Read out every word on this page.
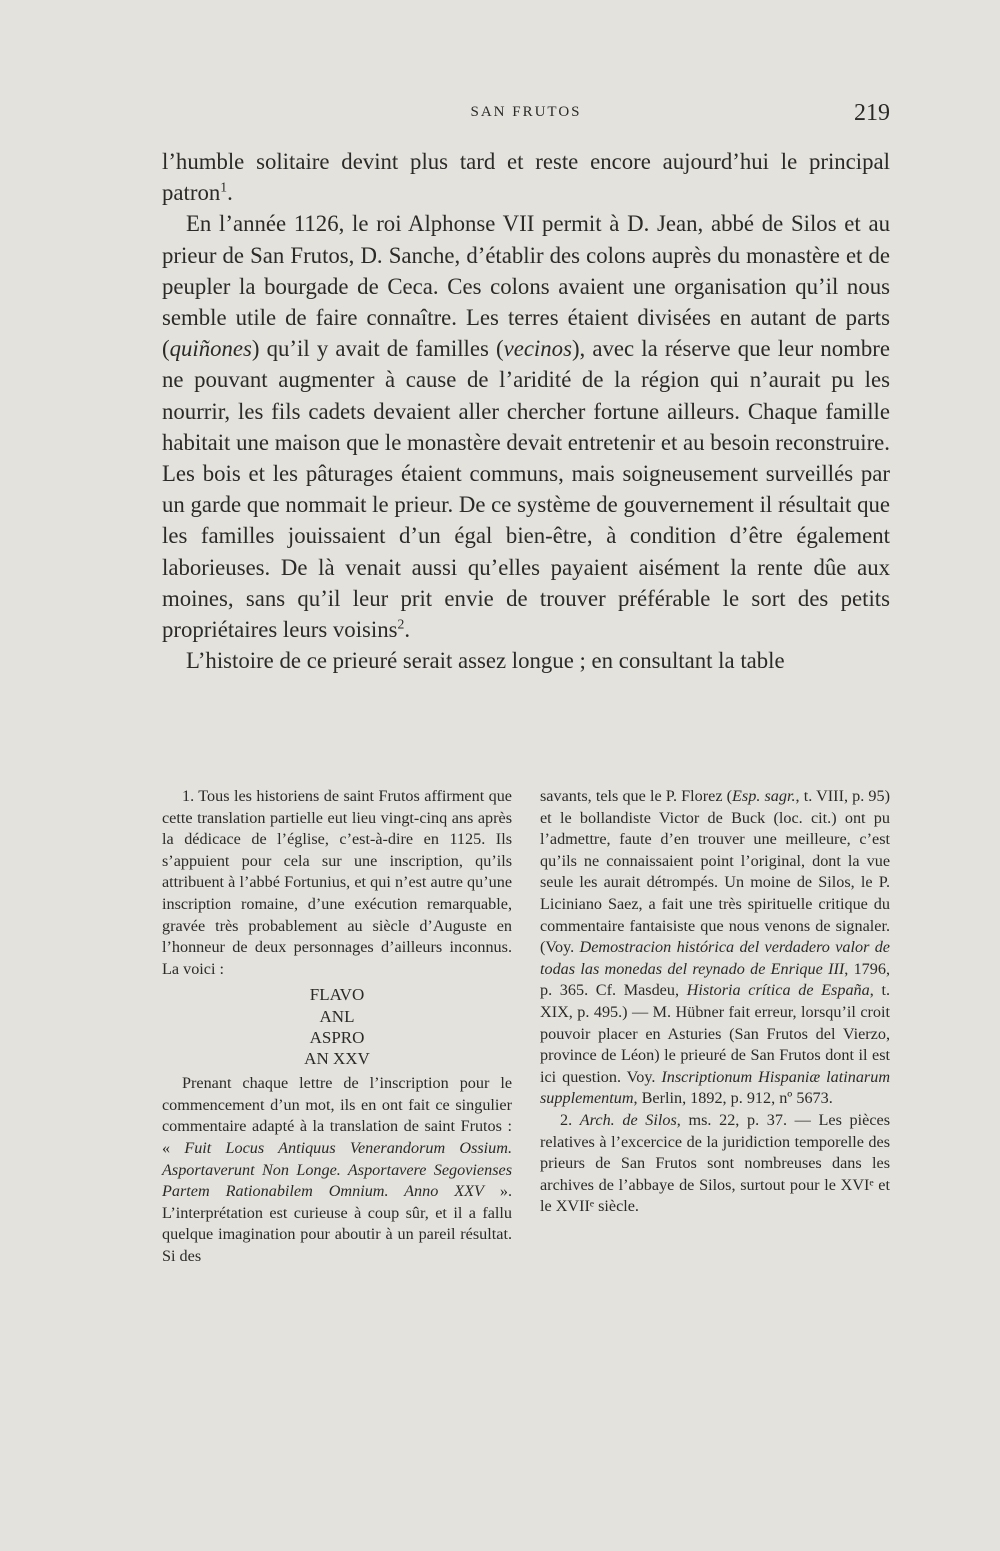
SAN FRUTOS	219

l’humble solitaire devint plus tard et reste encore aujourd’hui le principal patron$^1$.

En l’année 1126, le roi Alphonse VII permit à D. Jean, abbé de Silos et au prieur de San Frutos, D. Sanche, d’établir des colons auprès du monastère et de peupler la bourgade de Ceca. Ces colons avaient une organisation qu’il nous semble utile de faire connaître. Les terres étaient divisées en autant de parts (quiñones) qu’il y avait de familles (vecinos), avec la réserve que leur nombre ne pouvant augmenter à cause de l’aridité de la région qui n’aurait pu les nourrir, les fils cadets devaient aller chercher fortune ailleurs. Chaque famille habitait une maison que le monastère devait entretenir et au besoin reconstruire. Les bois et les pâturages étaient communs, mais soigneusement surveillés par un garde que nommait le prieur. De ce système de gouvernement il résultait que les familles jouissaient d’un égal bien-être, à condition d’être également laborieuses. De là venait aussi qu’elles payaient aisément la rente dûe aux moines, sans qu’il leur prit envie de trouver préférable le sort des petits propriétaires leurs voisins$^2$.

L’histoire de ce prieuré serait assez longue ; en consultant la table

1. Tous les historiens de saint Frutos affirment que cette translation partielle eut lieu vingt-cinq ans après la dédicace de l’église, c’est-à-dire en 1125. Ils s’appuient pour cela sur une inscription, qu’ils attribuent à l’abbé Fortunius, et qui n’est autre qu’une inscription romaine, d’une exécution remarquable, gravée très probablement au siècle d’Auguste en l’honneur de deux personnages d’ailleurs inconnus. La voici :

FLAVO
ANL
ASPRO
AN XXV

Prenant chaque lettre de l’inscription pour le commencement d’un mot, ils en ont fait ce singulier commentaire adapté à la translation de saint Frutos : « Fuit Locus Antiquus Venerandorum Ossium. Asportaverunt Non Longe. Asportavere Segovienses Partem Rationabilem Omnium. Anno XXV ». L’interprétation est curieuse à coup sûr, et il a fallu quelque imagination pour aboutir à un pareil résultat. Si des

savants, tels que le P. Florez (Esp. sagr., t. VIII, p. 95) et le bollandiste Victor de Buck (loc. cit.) ont pu l’admettre, faute d’en trouver une meilleure, c’est qu’ils ne connaissaient point l’original, dont la vue seule les aurait détrompés. Un moine de Silos, le P. Liciniano Saez, a fait une très spirituelle critique du commentaire fantaisiste que nous venons de signaler. (Voy. Demostracion histórica del verdadero valor de todas las monedas del reynado de Enrique III, 1796, p. 365. Cf. Masdeu, Historia crítica de España, t. XIX, p. 495.) — M. Hübner fait erreur, lorsqu’il croit pouvoir placer en Asturies (San Frutos del Vierzo, province de Léon) le prieuré de San Frutos dont il est ici question. Voy. Inscriptionum Hispaniæ latinarum supplementum, Berlin, 1892, p. 912, nº 5673.

2. Arch. de Silos, ms. 22, p. 37. — Les pièces relatives à l’excercice de la juridiction temporelle des prieurs de San Frutos sont nombreuses dans les archives de l’abbaye de Silos, surtout pour le XVIᵉ et le XVIIᵉ siècle.
